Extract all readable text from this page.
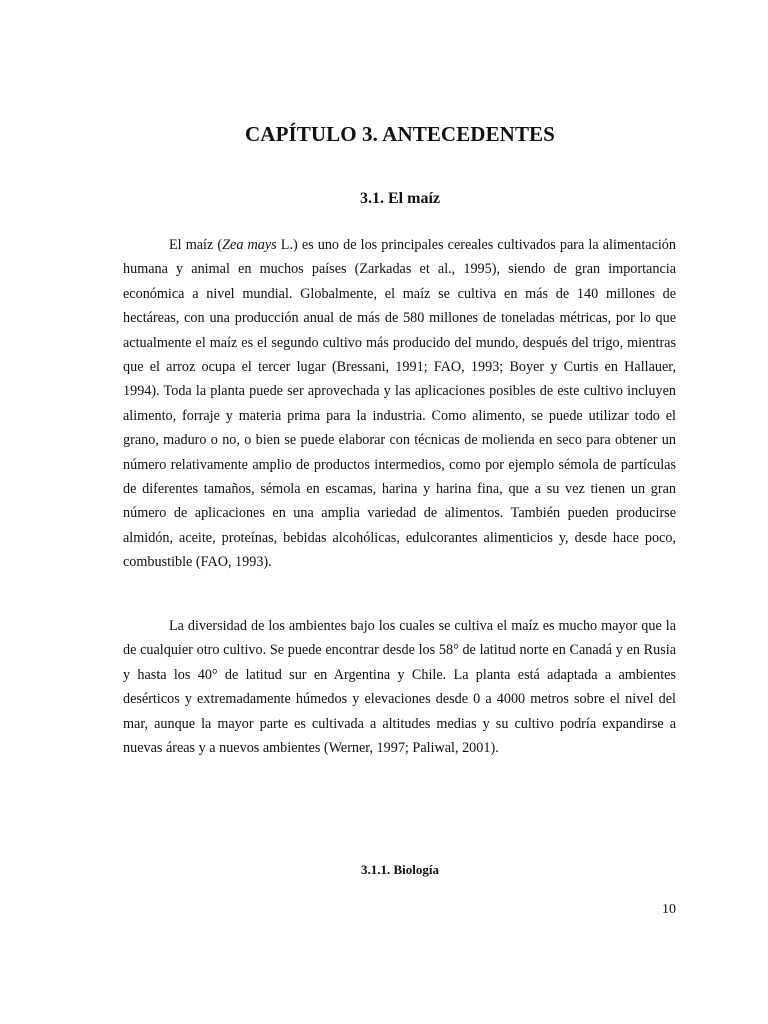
CAPÍTULO 3. ANTECEDENTES
3.1. El maíz

El maíz (Zea mays L.) es uno de los principales cereales cultivados para la alimentación humana y animal en muchos países (Zarkadas et al., 1995), siendo de gran importancia económica a nivel mundial. Globalmente, el maíz se cultiva en más de 140 millones de hectáreas, con una producción anual de más de 580 millones de toneladas métricas, por lo que actualmente el maíz es el segundo cultivo más producido del mundo, después del trigo, mientras que el arroz ocupa el tercer lugar (Bressani, 1991; FAO, 1993; Boyer y Curtis en Hallauer, 1994). Toda la planta puede ser aprovechada y las aplicaciones posibles de este cultivo incluyen alimento, forraje y materia prima para la industria. Como alimento, se puede utilizar todo el grano, maduro o no, o bien se puede elaborar con técnicas de molienda en seco para obtener un número relativamente amplio de productos intermedios, como por ejemplo sémola de partículas de diferentes tamaños, sémola en escamas, harina y harina fina, que a su vez tienen un gran número de aplicaciones en una amplia variedad de alimentos. También pueden producirse almidón, aceite, proteínas, bebidas alcohólicas, edulcorantes alimenticios y, desde hace poco, combustible (FAO, 1993).

La diversidad de los ambientes bajo los cuales se cultiva el maíz es mucho mayor que la de cualquier otro cultivo. Se puede encontrar desde los 58° de latitud norte en Canadá y en Rusia y hasta los 40° de latitud sur en Argentina y Chile. La planta está adaptada a ambientes desérticos y extremadamente húmedos y elevaciones desde 0 a 4000 metros sobre el nivel del mar, aunque la mayor parte es cultivada a altitudes medias y su cultivo podría expandirse a nuevas áreas y a nuevos ambientes (Werner, 1997; Paliwal, 2001).

3.1.1. Biología
10
